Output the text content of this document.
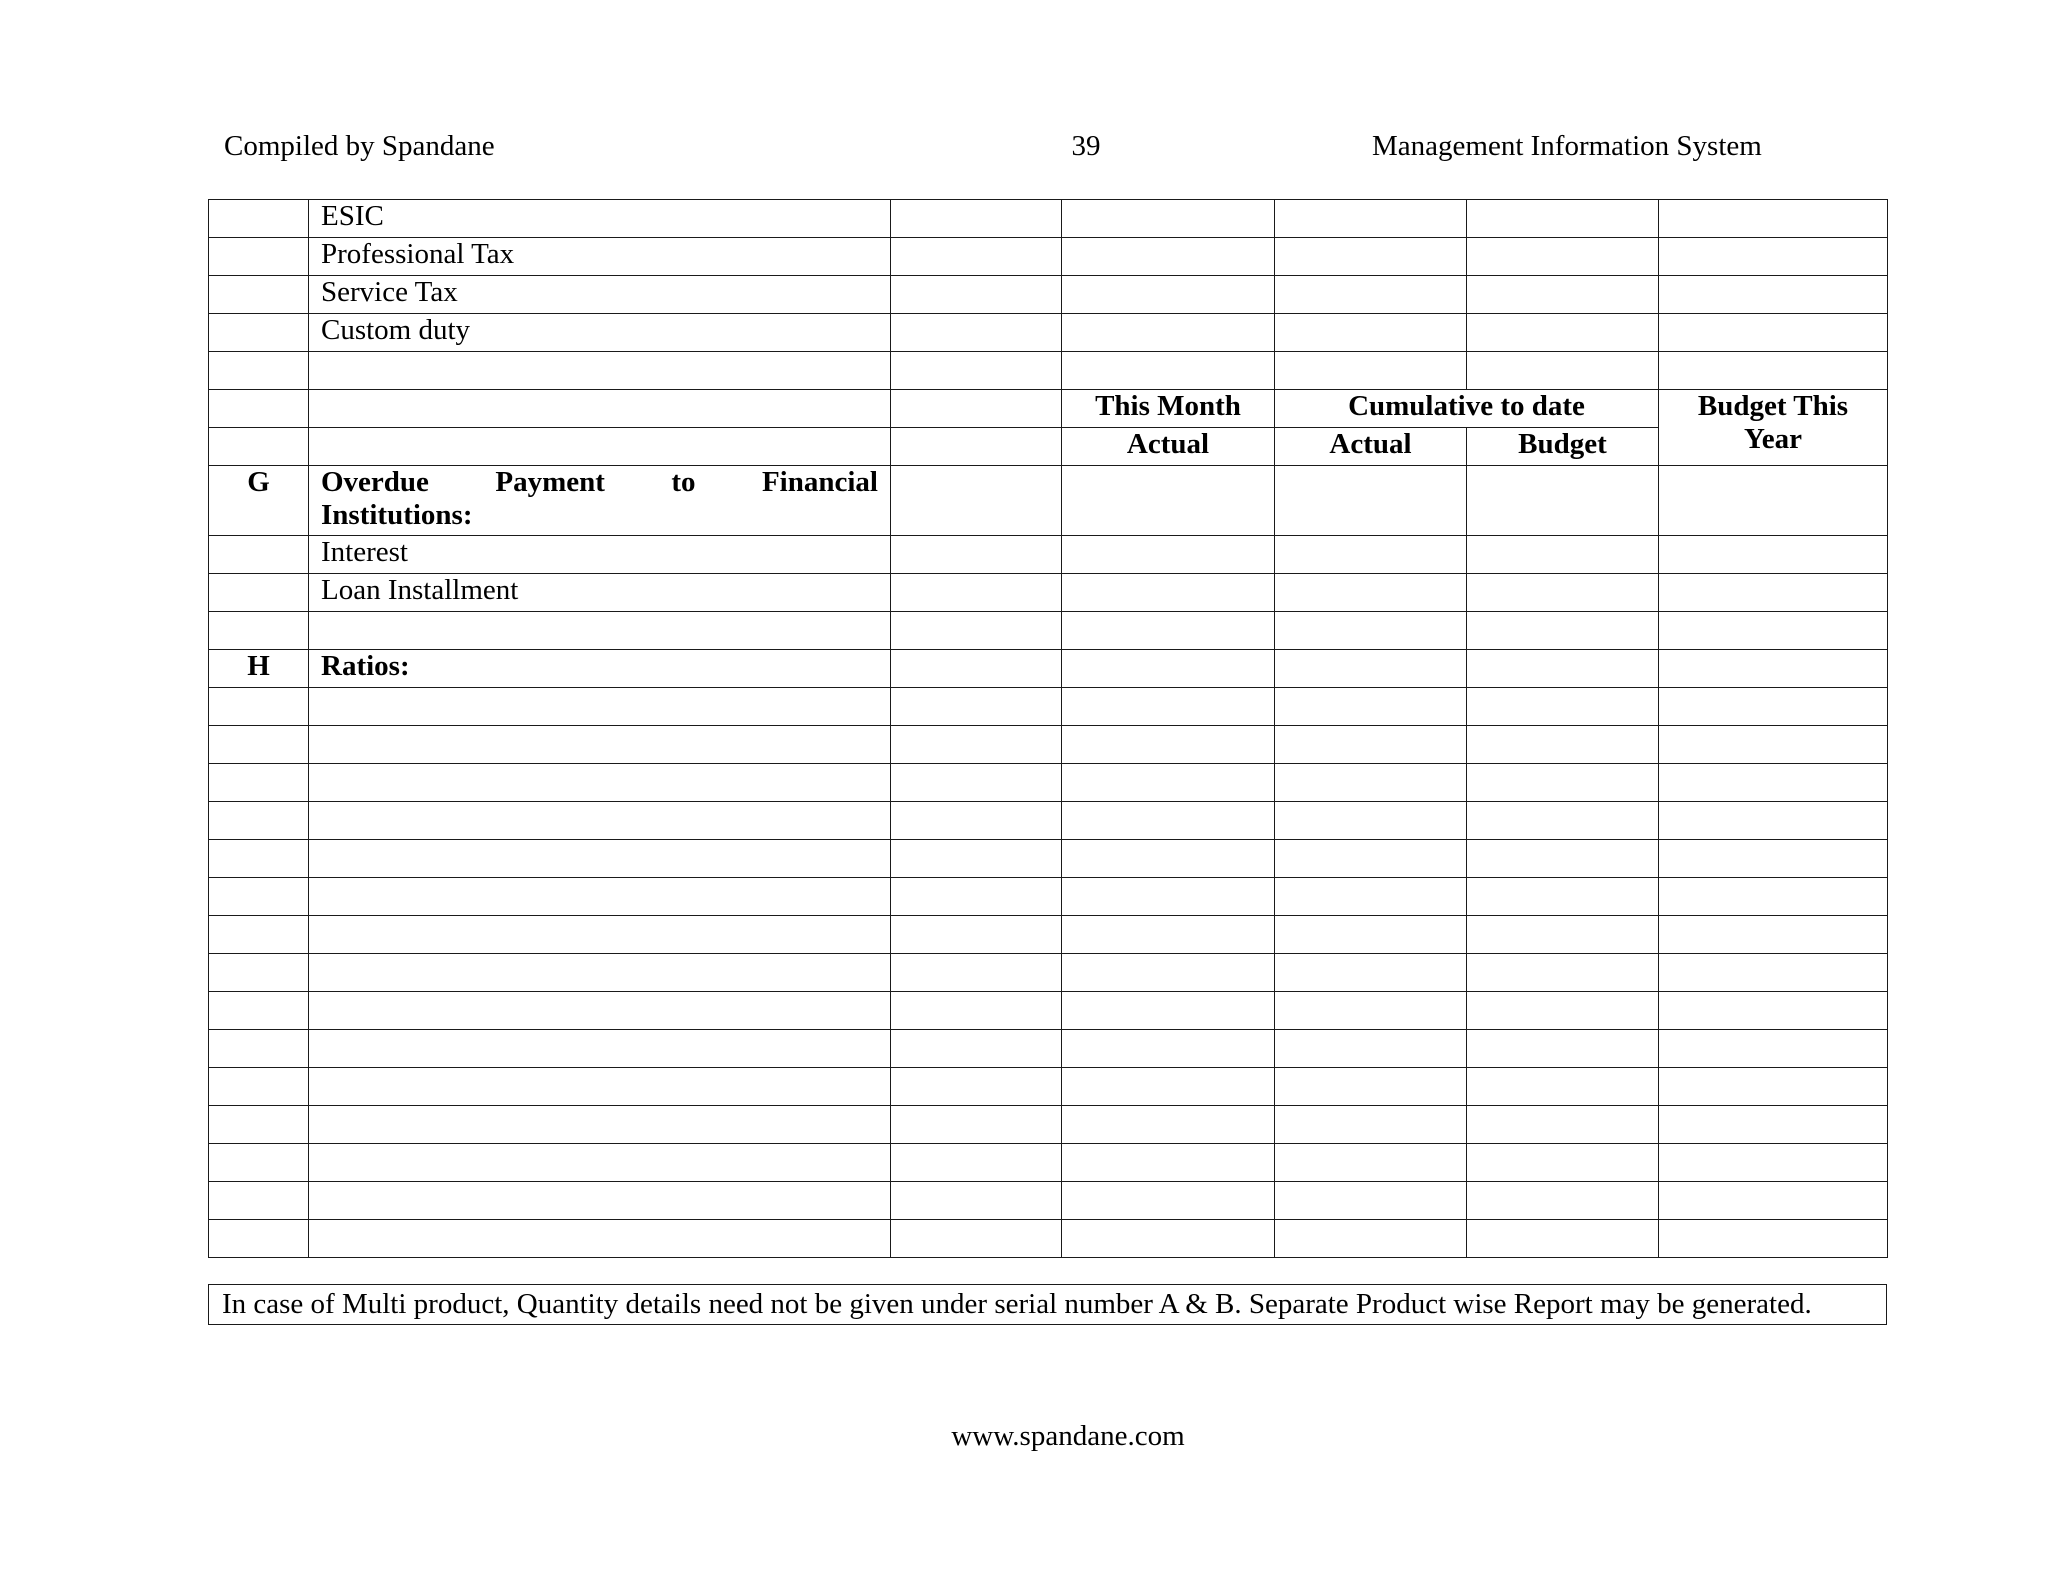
Compiled by Spandane	39	Management Information System
	ESIC					
	Professional Tax					
	Service Tax					
	Custom duty					

			This Month	Cumulative to date		Budget This
Year

			Actual	Actual	Budget	
G	Overdue Payment to Financial
Institutions:					

	Interest					
	Loan Installment					

H	Ratios:					

In case of Multi product, Quantity details need not be given under serial number A & B. Separate Product wise Report may be generated.
www.spandane.com
